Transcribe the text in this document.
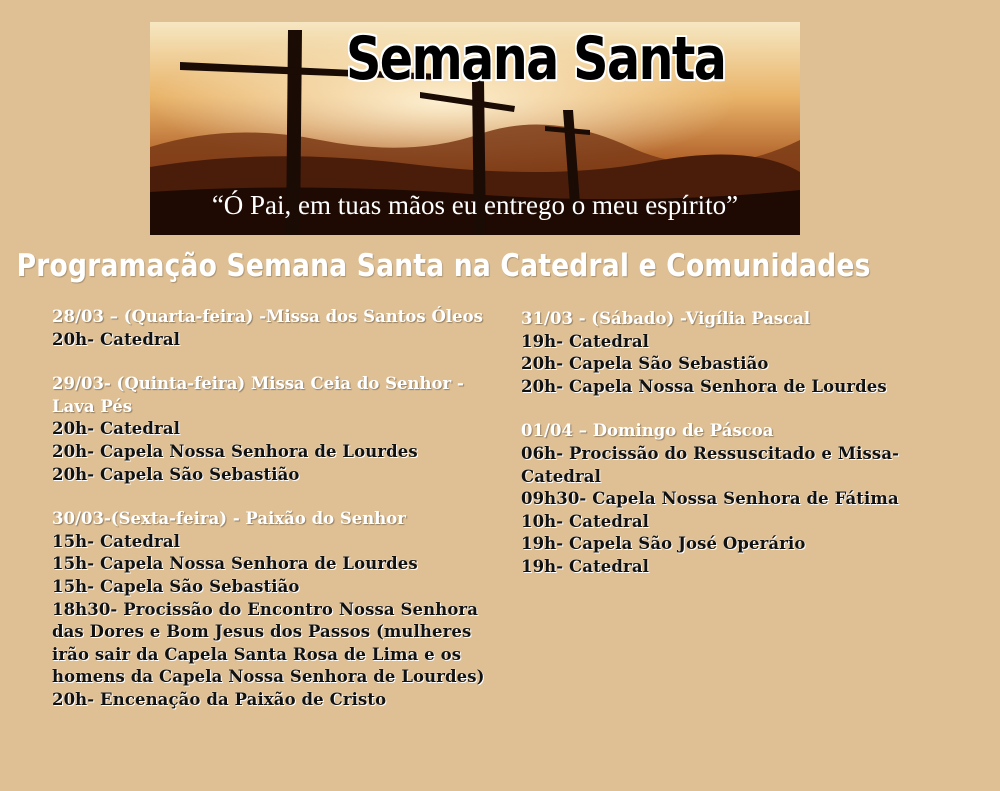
Semana Santa
“Ó Pai, em tuas mãos eu entrego o meu espírito”
Programação Semana Santa na Catedral e Comunidades
28/03 – (Quarta-feira) -Missa dos Santos Óleos
20h- Catedral
29/03- (Quinta-feira) Missa Ceia do Senhor - Lava Pés
20h- Catedral
20h- Capela Nossa Senhora de Lourdes
20h- Capela São Sebastião
30/03-(Sexta-feira) - Paixão do Senhor
15h- Catedral
15h- Capela Nossa Senhora de Lourdes
15h- Capela São Sebastião
18h30- Procissão do Encontro Nossa Senhora das Dores e Bom Jesus dos Passos (mulheres irão sair da Capela Santa Rosa de Lima e os homens da Capela Nossa Senhora de Lourdes)
20h- Encenação da Paixão de Cristo
31/03 - (Sábado) -Vigília Pascal
19h- Catedral
20h- Capela São Sebastião
20h- Capela Nossa Senhora de Lourdes
01/04 – Domingo de Páscoa
06h- Procissão do Ressuscitado e Missa- Catedral
09h30- Capela Nossa Senhora de Fátima
10h- Catedral
19h- Capela São José Operário
19h- Catedral
